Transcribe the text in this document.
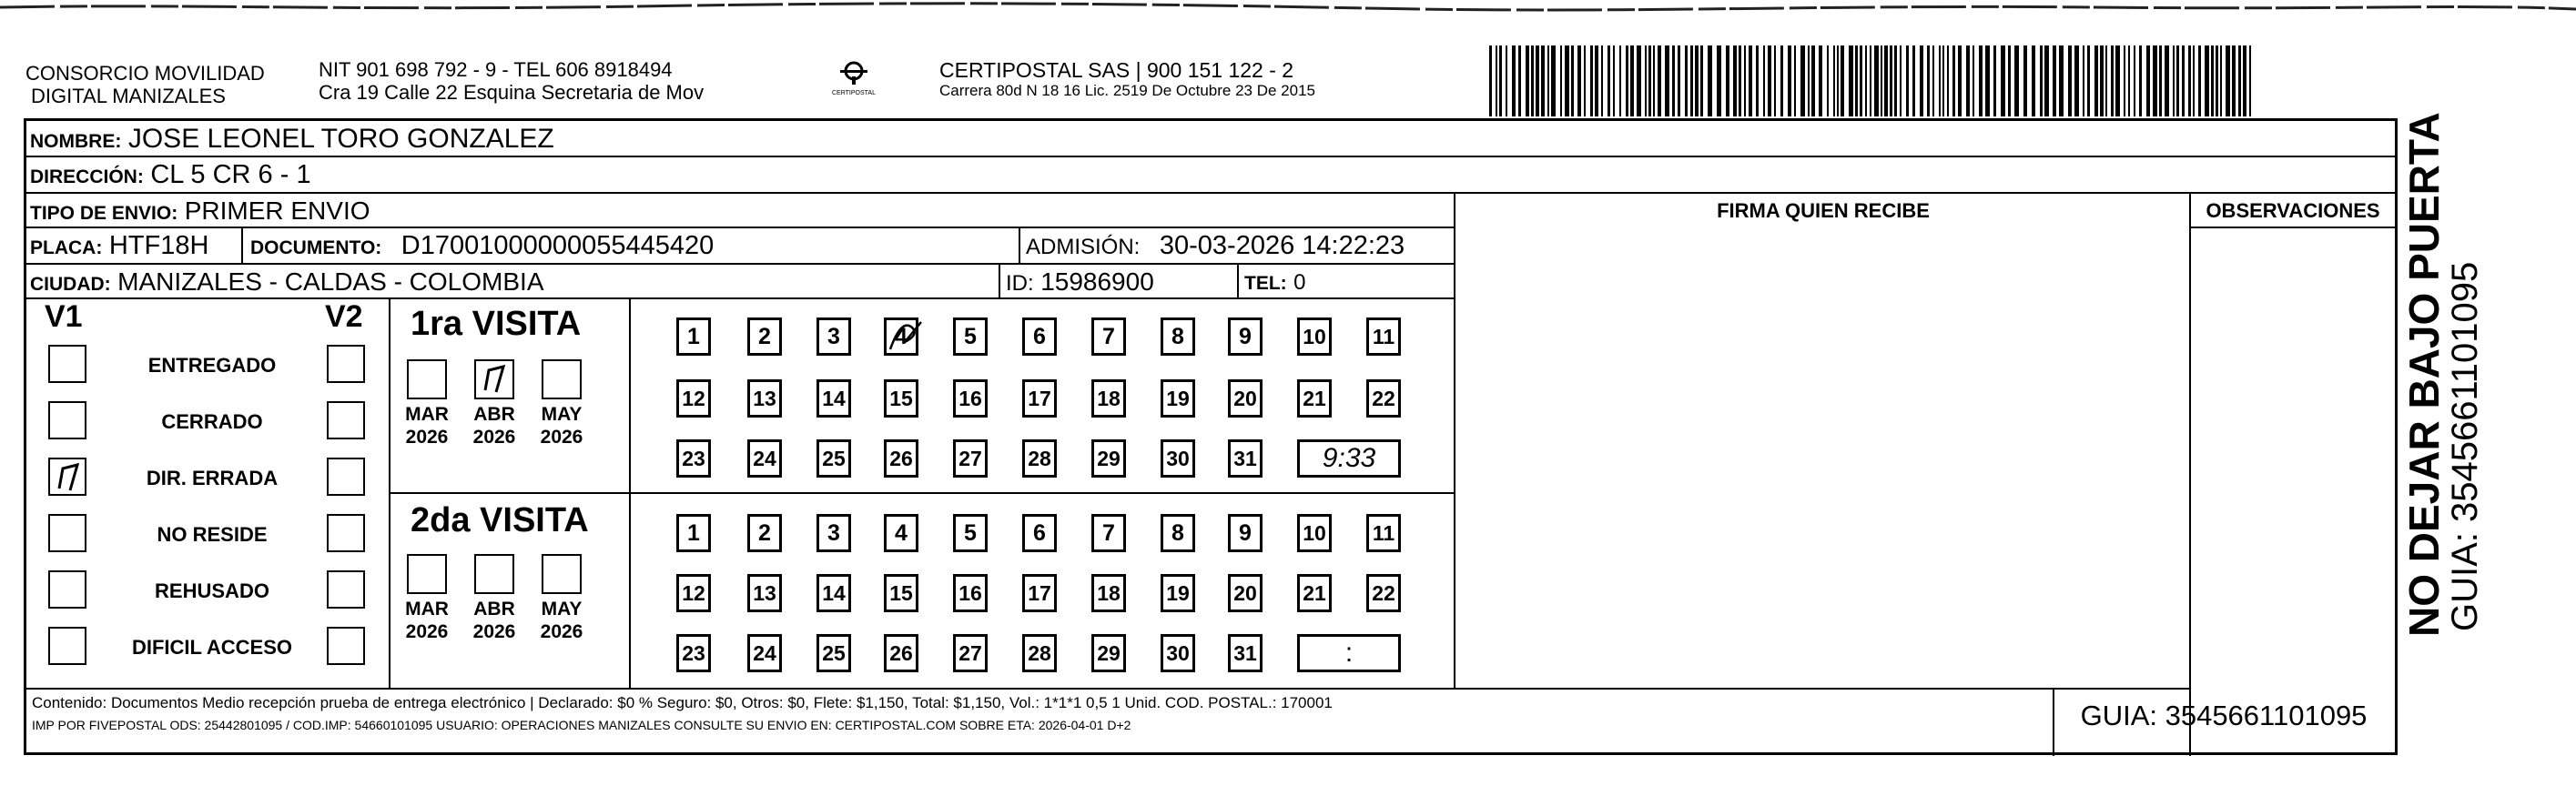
CONSORCIO MOVILIDAD
DIGITAL MANIZALES
NIT 901 698 792 - 9 - TEL 606 8918494
Cra 19 Calle 22 Esquina Secretaria de Mov	CERTIPOSTAL
CERTIPOSTAL SAS | 900 151 122 - 2
Carrera 80d N 18 16 Lic. 2519 De Octubre 23 De 2015
NOMBRE: JOSE LEONEL TORO GONZALEZ
DIRECCIÓN: CL 5 CR 6 - 1
TIPO DE ENVIO: PRIMER ENVIO	FIRMA QUIEN RECIBE	OBSERVACIONES
PLACA: HTF18H DOCUMENTO: D17001000000055445420	ADMISIÓN: 30-03-2026 14:22:23
CIUDAD: MANIZALES - CALDAS - COLOMBIA	ID: 15986900	TEL: 0
V1	V2
ENTREGADO
CERRADO
DIR. ERRADA
NO RESIDE
REHUSADO
DIFICIL ACCESO
1ra VISITA
2da VISITA
MAR
2026
ABR
2026
MAY
2026
MAR
2026
ABR
2026
MAY
2026
1	2	3	4	5	6	7	8	9	10 11
12 13 14 15 16 17 18 19 20 21 22
23 24 25 26 27 28 29 30 31	9:33
1	2	3	4	5	6	7	8	9	10 11
12 13 14 15 16 17 18 19 20 21 22
23 24 25 26 27 28 29 30 31	:
Contenido: Documentos Medio recepción prueba de entrega electrónico | Declarado: $0 % Seguro: $0, Otros: $0, Flete: $1,150, Total: $1,150, Vol.: 1*1*1 0,5 1 Unid. COD. POSTAL.: 170001
IMP POR FIVEPOSTAL ODS: 25442801095 / COD.IMP: 54660101095 USUARIO: OPERACIONES MANIZALES CONSULTE SU ENVIO EN: CERTIPOSTAL.COM SOBRE ETA: 2026-04-01 D+2	GUIA: 3545661101095
NO DEJAR BAJO PUERTA
GUIA: 3545661101095
